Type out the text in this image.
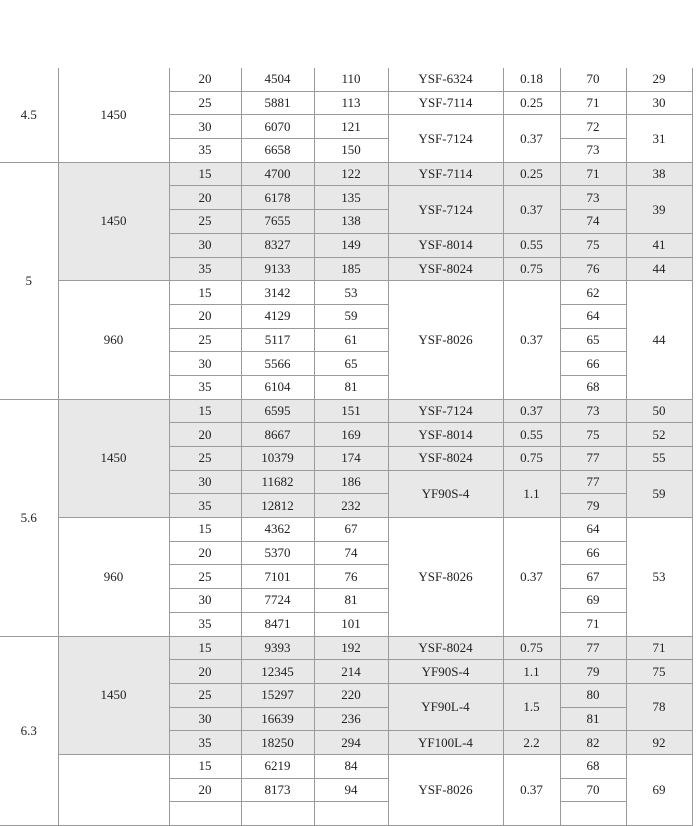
4.5	1450	20	4504	110	YSF-6324	0.18	70	29
		25	5881	113	YSF-7114	0.25	71	30
		30	6070	121	YSF-7124	0.37	72	31
		35	6658	150			73	
5	1450	15	4700	122	YSF-7114	0.25	71	38
		20	6178	135	YSF-7124	0.37	73	39
		25	7655	138			74	
		30	8327	149	YSF-8014	0.55	75	41
		35	9133	185	YSF-8024	0.75	76	44
	960	15	3142	53	YSF-8026	0.37	62	44
		20	4129	59			64	
		25	5117	61			65	
		30	5566	65			66	
		35	6104	81			68	
5.6	1450	15	6595	151	YSF-7124	0.37	73	50
		20	8667	169	YSF-8014	0.55	75	52
		25	10379	174	YSF-8024	0.75	77	55
		30	11682	186	YF90S-4	1.1	77	59
		35	12812	232			79	
	960	15	4362	67	YSF-8026	0.37	64	53
		20	5370	74			66	
		25	7101	76			67	
		30	7724	81			69	
		35	8471	101			71	
6.3	1450	15	9393	192	YSF-8024	0.75	77	71
		20	12345	214	YF90S-4	1.1	79	75
		25	15297	220	YF90L-4	1.5	80	78
		30	16639	236			81	
		35	18250	294	YF100L-4	2.2	82	92
		15	6219	84	YSF-8026	0.37	68	69
		20	8173	94			70	
